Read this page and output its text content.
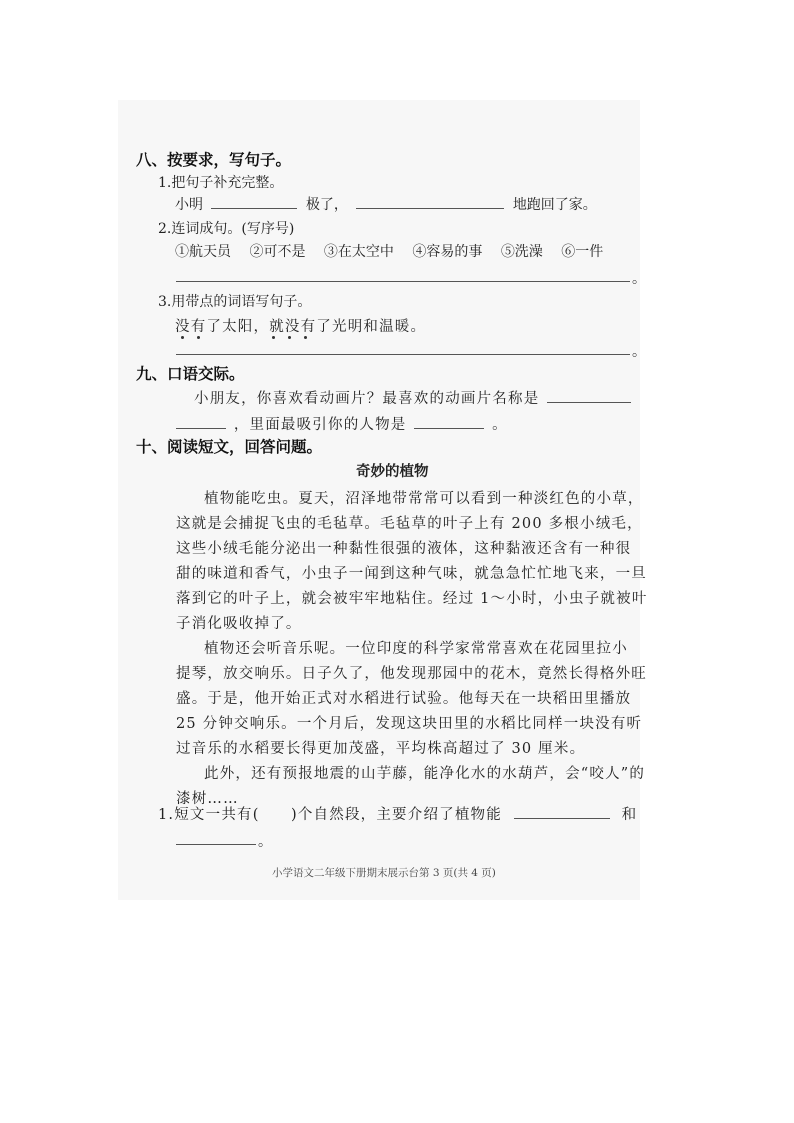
八、按要求，写句子。
1.把句子补充完整。
小明	极了，	地跑回了家。
2.连词成句。(写序号)
①航天员 ②可不是 ③在太空中 ④容易的事 ⑤洗澡 ⑥一件
。
3.用带点的词语写句子。
没有了太阳，就没有了光明和温暖。
。
九、口语交际。
小朋友，你喜欢看动画片？最喜欢的动画片名称是
，里面最吸引你的人物是	。
十、阅读短文，回答问题。
奇妙的植物
植物能吃虫。夏天，沼泽地带常常可以看到一种淡红色的小草，
这就是会捕捉飞虫的毛毡草。毛毡草的叶子上有 200 多根小绒毛，
这些小绒毛能分泌出一种黏性很强的液体，这种黏液还含有一种很
甜的味道和香气，小虫子一闻到这种气味，就急急忙忙地飞来，一旦
落到它的叶子上，就会被牢牢地粘住。经过 1～小时，小虫子就被叶
子消化吸收掉了。
植物还会听音乐呢。一位印度的科学家常常喜欢在花园里拉小
提琴，放交响乐。日子久了，他发现那园中的花木，竟然长得格外旺
盛。于是，他开始正式对水稻进行试验。他每天在一块稻田里播放
25 分钟交响乐。一个月后，发现这块田里的水稻比同样一块没有听
过音乐的水稻要长得更加茂盛，平均株高超过了 30 厘米。
此外，还有预报地震的山芋藤，能净化水的水葫芦，会“咬人”的
漆树……
1.短文一共有(　　)个自然段，主要介绍了植物能	和
。
小学语文二年级下册期末展示台第 3 页(共 4 页)
